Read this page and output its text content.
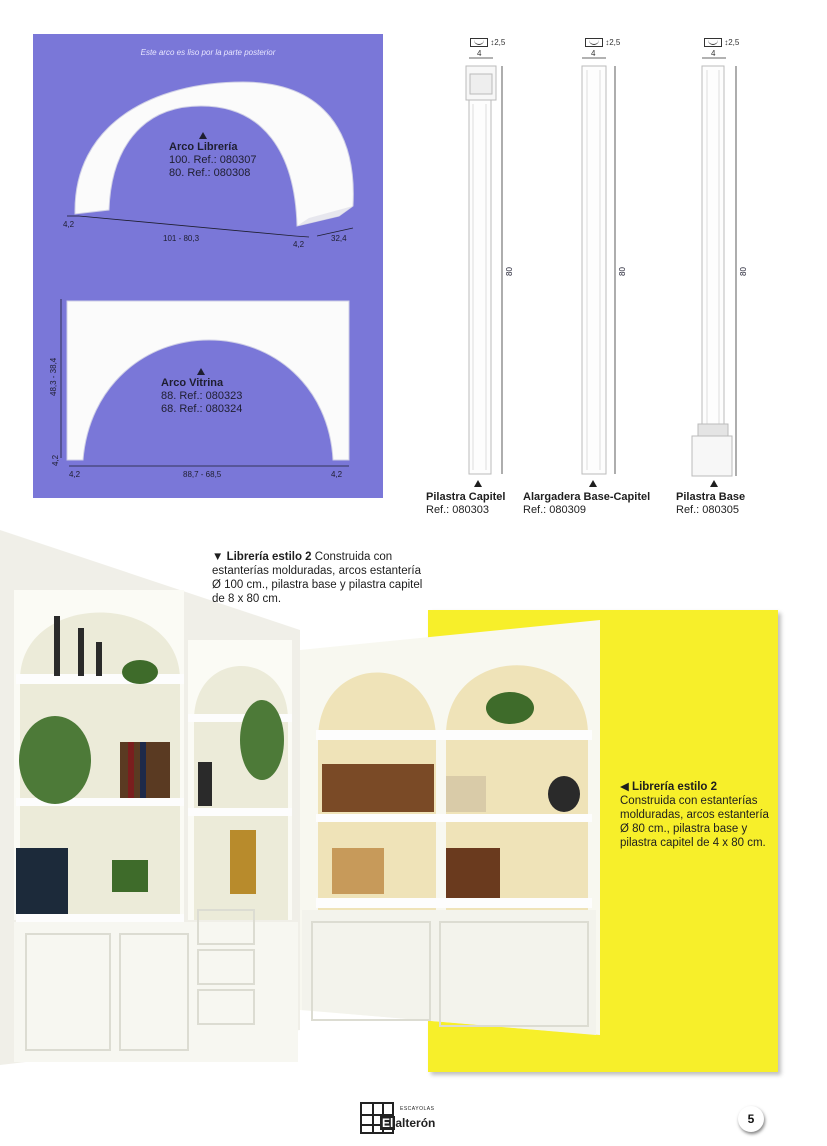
Este arco es liso por la parte posterior
Arco Librería
100. Ref.: 080307
80. Ref.: 080308
4,2
101 - 80,3
4,2
32,4
Arco Vitrina
88. Ref.: 080323
68. Ref.: 080324
48,3 - 38,4
4,2
4,2	88,7 - 68,5	4,2
↕2,5
4
80
Pilastra Capitel
Ref.: 080303
↕2,5
4
80
Alargadera Base-Capitel
Ref.: 080309
↕2,5
4
80
Pilastra Base
Ref.: 080305
▼ Librería estilo 2 Construida con estanterías molduradas, arcos estantería Ø 100 cm., pilastra base y pilastra capitel de 8 x 80 cm.
◀ Librería estilo 2
Construida con estanterías molduradas, arcos estantería Ø 80 cm., pilastra base y pilastra capitel de 4 x 80 cm.
ESCAYOLAS
El alterón	5
